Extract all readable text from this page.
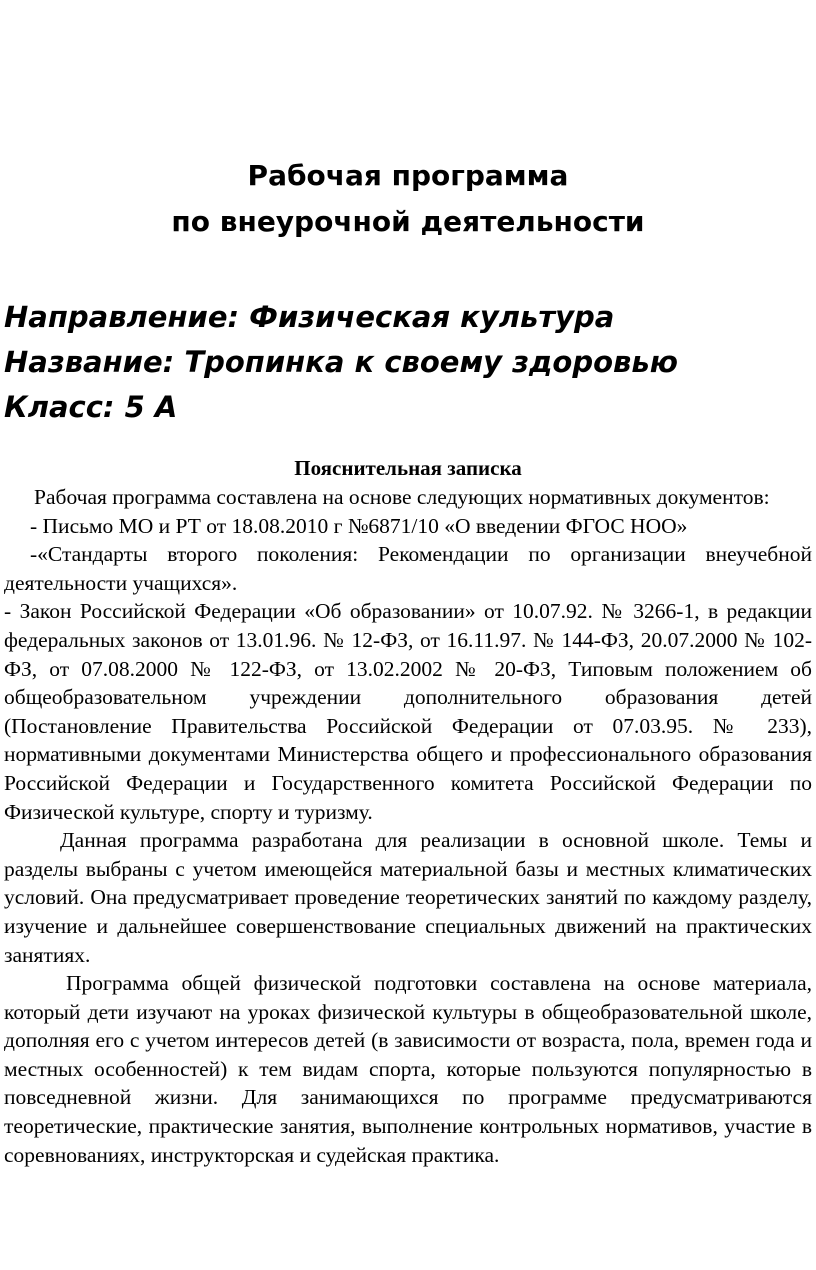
Рабочая программа
по внеурочной деятельности
Направление: Физическая культура
Название: Тропинка к своему здоровью
Класс: 5 А
Пояснительная записка

Рабочая программа составлена на основе следующих нормативных документов:

- Письмо МО и РТ от 18.08.2010 г №6871/10 «О введении ФГОС НОО»

-«Стандарты второго поколения: Рекомендации по организации внеучебной деятельности учащихся».

- Закон Российской Федерации «Об образовании» от 10.07.92. № 3266-1, в редакции федеральных законов от 13.01.96. № 12-ФЗ, от 16.11.97. № 144-ФЗ, 20.07.2000 № 102-ФЗ, от 07.08.2000 № 122-ФЗ, от 13.02.2002 № 20-ФЗ, Типовым положением об общеобразовательном учреждении дополнительного образования детей (Постановление Правительства Российской Федерации от 07.03.95. № 233), нормативными документами Министерства общего и профессионального образования Российской Федерации и Государственного комитета Российской Федерации по Физической культуре, спорту и туризму.

Данная программа разработана для реализации в основной школе. Темы и разделы выбраны с учетом имеющейся материальной базы и местных климатических условий. Она предусматривает проведение теоретических занятий по каждому разделу, изучение и дальнейшее совершенствование специальных движений на практических занятиях.

Программа общей физической подготовки составлена на основе материала, который дети изучают на уроках физической культуры в общеобразовательной школе, дополняя его с учетом интересов детей (в зависимости от возраста, пола, времен года и местных особенностей) к тем видам спорта, которые пользуются популярностью в повседневной жизни. Для занимающихся по программе предусматриваются теоретические, практические занятия, выполнение контрольных нормативов, участие в соревнованиях, инструкторская и судейская практика.
